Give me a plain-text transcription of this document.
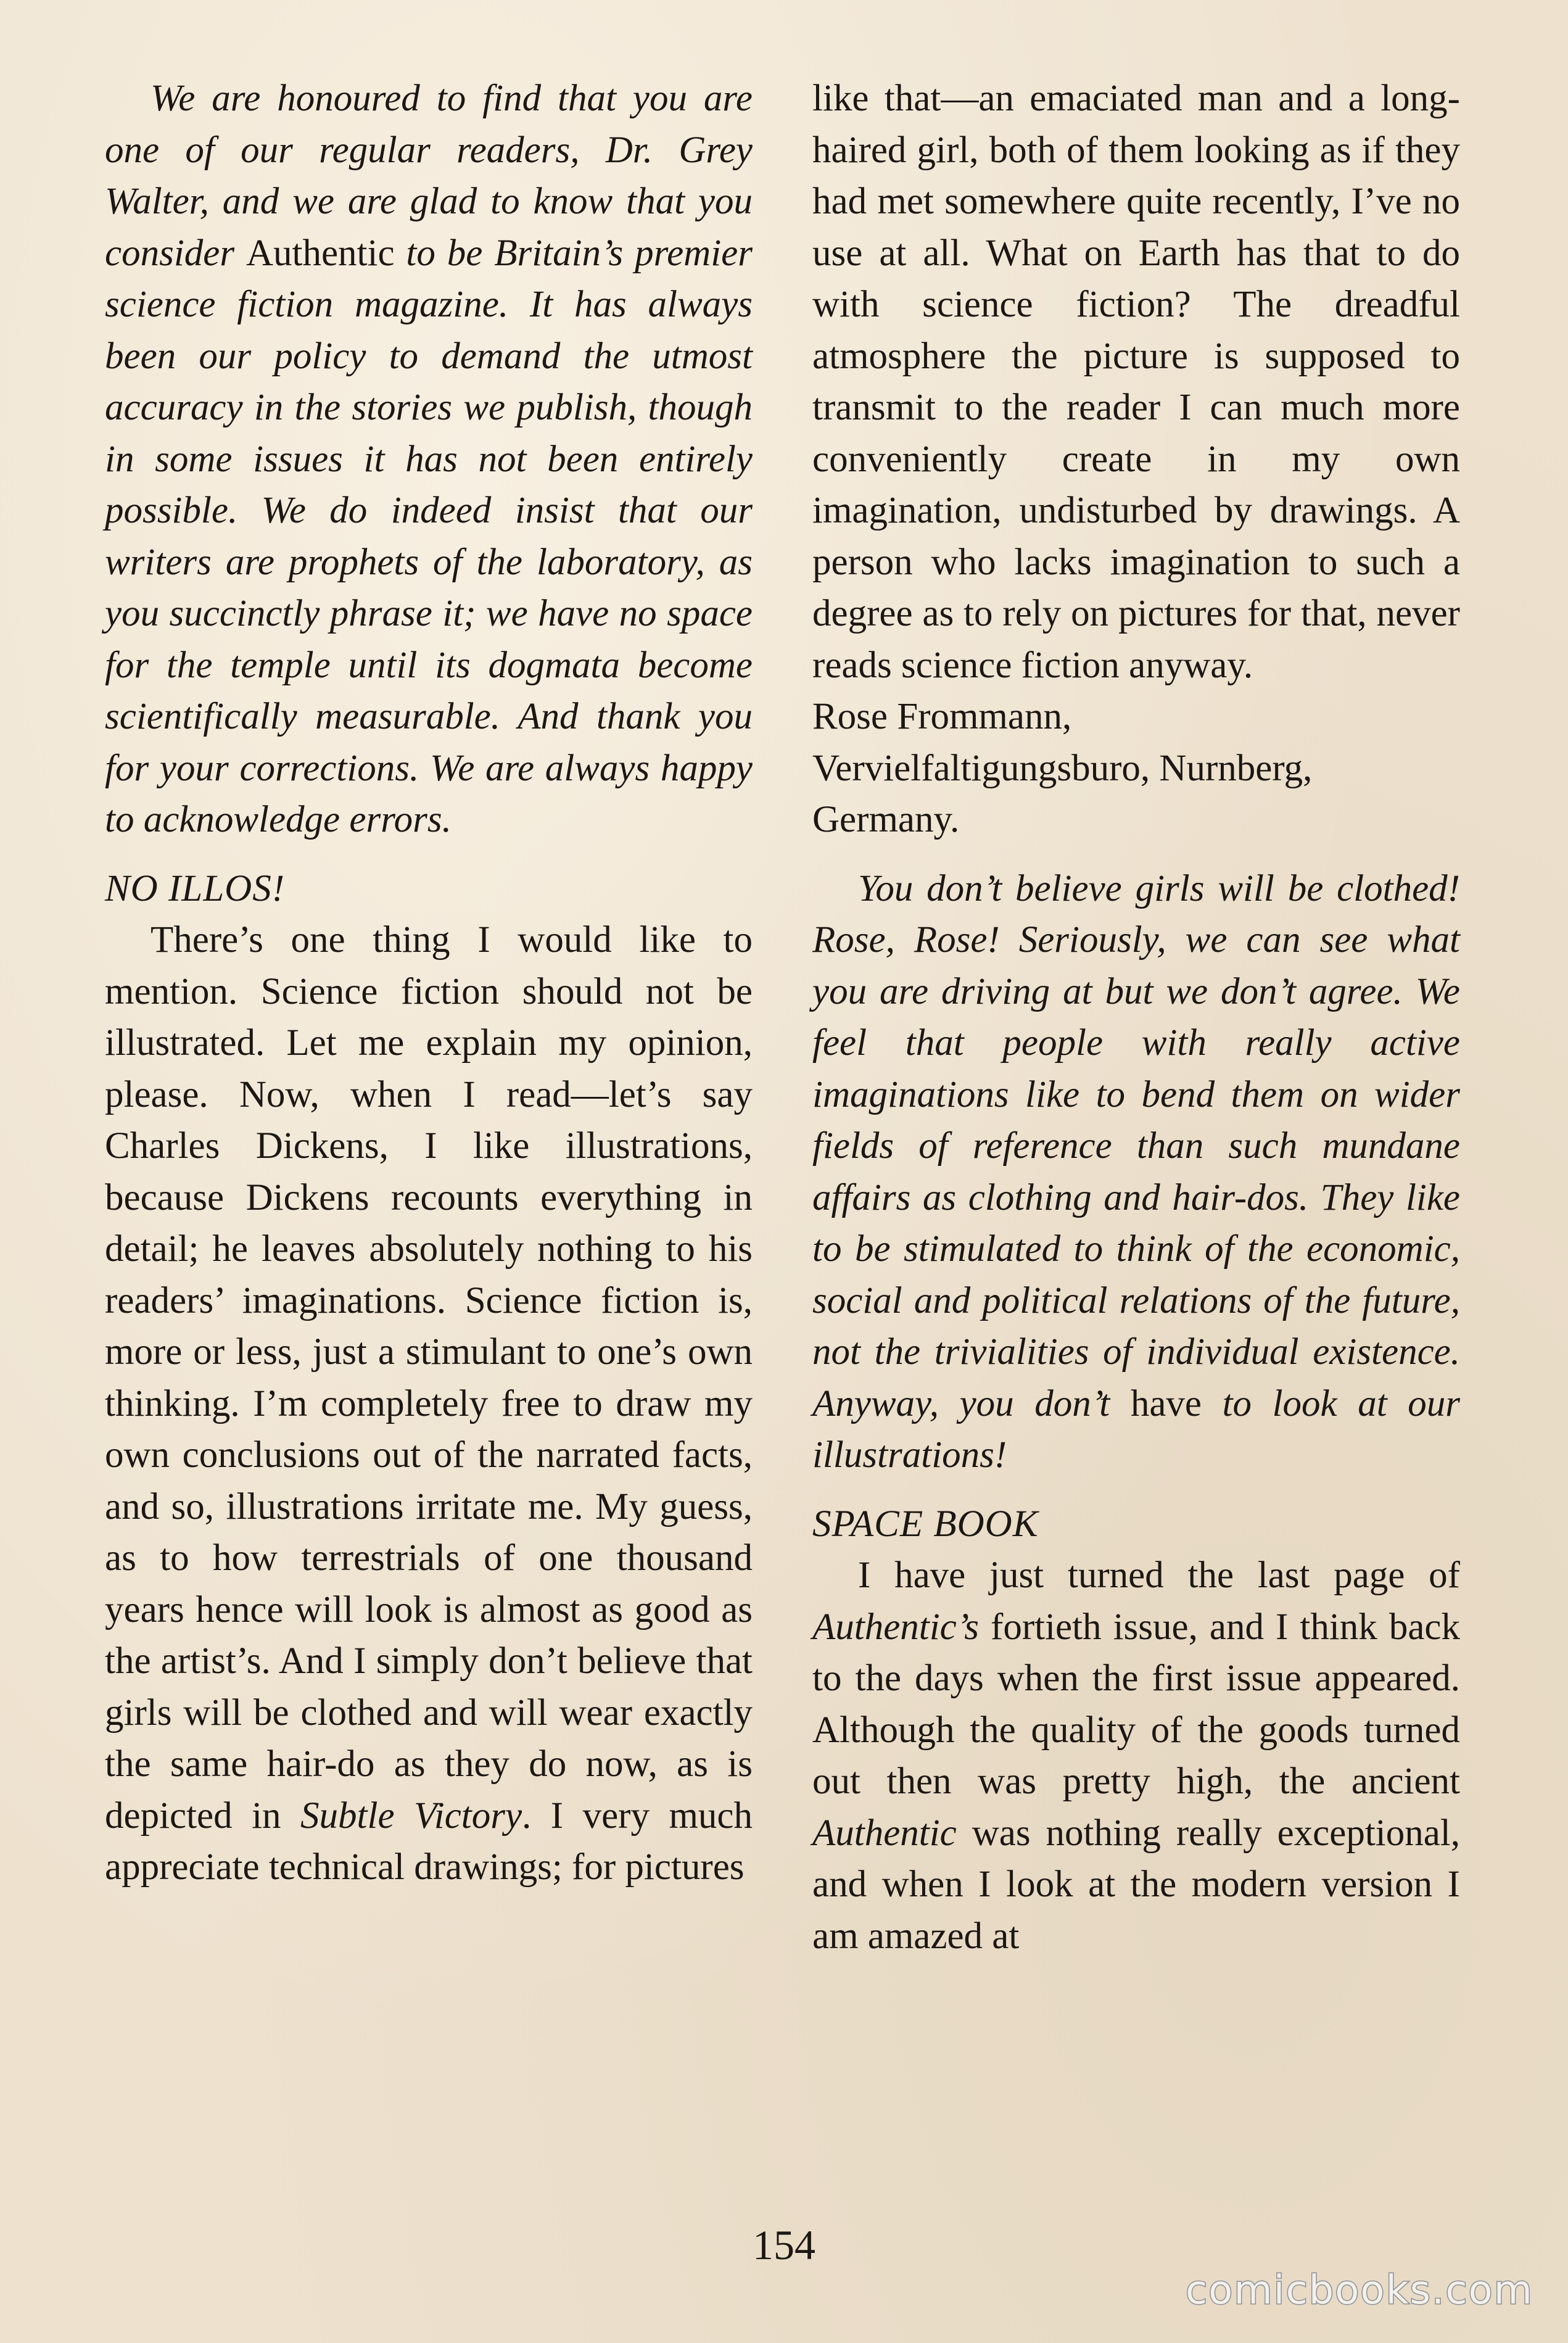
We are honoured to find that you are one of our regular readers, Dr. Grey Walter, and we are glad to know that you consider Authentic to be Britain’s premier science fiction magazine. It has always been our policy to demand the utmost accuracy in the stories we publish, though in some issues it has not been entirely possible. We do indeed insist that our writers are prophets of the laboratory, as you succinctly phrase it; we have no space for the temple until its dogmata become scientifically measurable. And thank you for your corrections. We are always happy to acknowledge errors.

NO ILLOS!

There’s one thing I would like to mention. Science fiction should not be illustrated. Let me explain my opinion, please. Now, when I read—let’s say Charles Dickens, I like illustrations, because Dickens recounts everything in detail; he leaves absolutely nothing to his readers’ imaginations. Science fiction is, more or less, just a stimulant to one’s own thinking. I’m completely free to draw my own conclusions out of the narrated facts, and so, illustrations irritate me. My guess, as to how terrestrials of one thousand years hence will look is almost as good as the artist’s. And I simply don’t believe that girls will be clothed and will wear exactly the same hair-do as they do now, as is depicted in Subtle Victory. I very much appreciate technical drawings; for pictures

like that—an emaciated man and a long-haired girl, both of them looking as if they had met somewhere quite recently, I’ve no use at all. What on Earth has that to do with science fiction? The dreadful atmosphere the picture is supposed to transmit to the reader I can much more conveniently create in my own imagination, undisturbed by drawings. A person who lacks imagination to such a degree as to rely on pictures for that, never reads science fiction anyway.

Rose Frommann,

Vervielfaltigungsburo, Nurnberg,

Germany.

You don’t believe girls will be clothed! Rose, Rose! Seriously, we can see what you are driving at but we don’t agree. We feel that people with really active imaginations like to bend them on wider fields of reference than such mundane affairs as clothing and hair-dos. They like to be stimulated to think of the economic, social and political relations of the future, not the trivialities of individual existence. Anyway, you don’t have to look at our illustrations!

SPACE BOOK

I have just turned the last page of Authentic’s fortieth issue, and I think back to the days when the first issue appeared. Although the quality of the goods turned out then was pretty high, the ancient Authentic was nothing really exceptional, and when I look at the modern version I am amazed at

154
comicbooks.com
